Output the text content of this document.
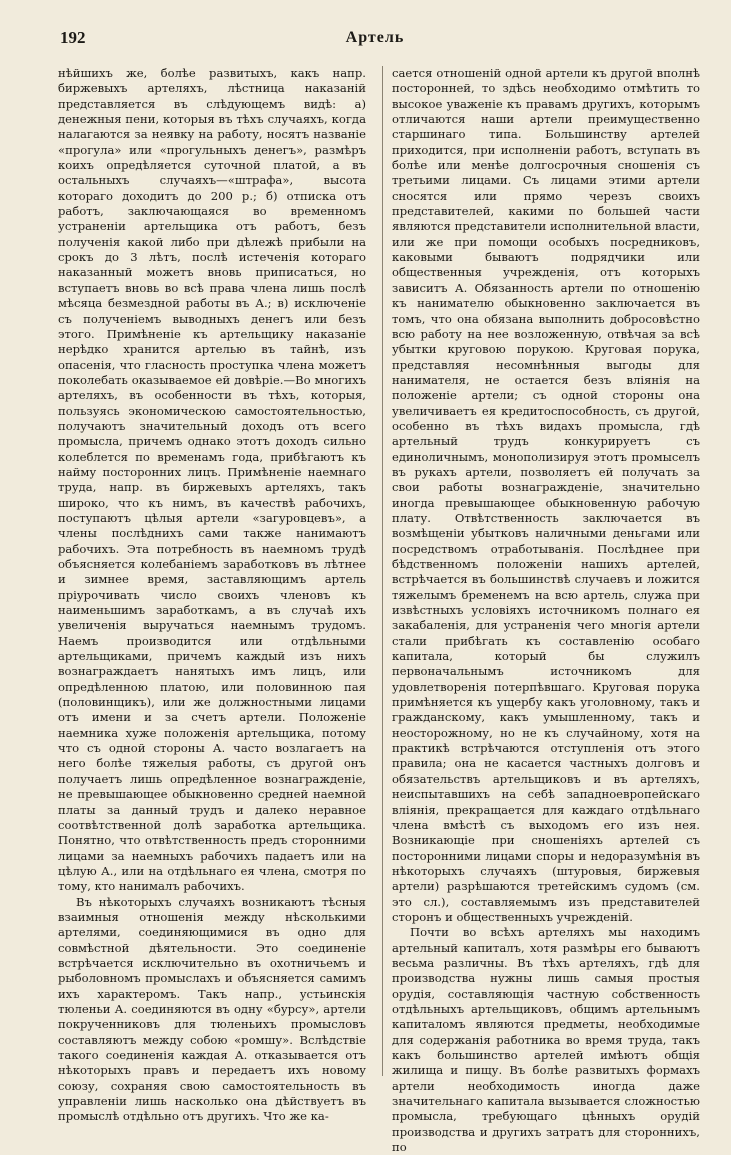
192	Артель

нѣйшихъ же, болѣе развитыхъ, какъ напр. биржевыхъ артеляхъ, лѣстница наказаній представляется въ слѣдующемъ видѣ: а) денежныя пени, которыя въ тѣхъ случаяхъ, когда налагаются за неявку на работу, носятъ названіе «прогула» или «прогульныхъ денегъ», размѣръ коихъ опредѣляется суточной платой, а въ остальныхъ случаяхъ—«штрафа», высота котораго доходитъ до 200 р.; б) отписка отъ работъ, заключающаяся во временномъ устраненіи артельщика отъ работъ, безъ полученія какой либо при дѣлежѣ прибыли на срокъ до 3 лѣтъ, послѣ истеченія котораго наказанный можетъ вновь приписаться, но вступаетъ вновь во всѣ права члена лишь послѣ мѣсяца безмездной работы въ А.; в) исключеніе съ полученіемъ выводныхъ денегъ или безъ этого. Примѣненіе къ артельщику наказаніе нерѣдко хранится артелью въ тайнѣ, изъ опасенія, что гласность проступка члена можетъ поколебать оказываемое ей довѣріе.—Во многихъ артеляхъ, въ особенности въ тѣхъ, которыя, пользуясь экономическою самостоятельностью, получаютъ значительный доходъ отъ всего промысла, причемъ однако этотъ доходъ сильно колеблется по временамъ года, прибѣгаютъ къ найму посторонних лицъ. Примѣненіе наемнаго труда, напр. въ биржевыхъ артеляхъ, такъ широко, что къ нимъ, въ качествѣ рабочихъ, поступаютъ цѣлыя артели «загуровцевъ», а члены послѣднихъ сами также нанимаютъ рабочихъ. Эта потребность въ наемномъ трудѣ объясняется колебаніемъ заработковъ въ лѣтнее и зимнее время, заставляющимъ артель пріурочивать число своихъ членовъ къ наименьшимъ заработкамъ, а въ случаѣ ихъ увеличенія выручаться наемнымъ трудомъ. Наемъ производится или отдѣльными артельщиками, причемъ каждый изъ нихъ вознаграждаетъ нанятыхъ имъ лицъ, или опредѣленною платою, или половинною пая (половинщикъ), или же должностными лицами отъ имени и за счетъ артели. Положеніе наемника хуже положенія артельщика, потому что съ одной стороны А. часто возлагаетъ на него болѣе тяжелыя работы, съ другой онъ получаетъ лишь опредѣленное вознагражденіе, не превышающее обыкновенно средней наемной платы за данный трудъ и далеко неравное соотвѣтственной долѣ заработка артельщика. Понятно, что отвѣтственность предъ сторонними лицами за наемныхъ рабочихъ падаетъ или на цѣлую А., или на отдѣльнаго ея члена, смотря по тому, кто нанималъ рабочихъ.

Въ нѣкоторыхъ случаяхъ возникаютъ тѣсныя взаимныя отношенія между нѣсколькими артелями, соединяющимися въ одно для совмѣстной дѣятельности. Это соединеніе встрѣчается исключительно въ охотничьемъ и рыболовномъ промыслахъ и объясняется самимъ ихъ характеромъ. Такъ напр., устьинскія тюленьи А. соединяются въ одну «бурсу», артели покрученниковъ для тюленьихъ промысловъ составляютъ между собою «ромшу». Вслѣдствіе такого соединенія каждая А. отказывается отъ нѣкоторыхъ правъ и передаетъ ихъ новому союзу, сохраняя свою самостоятельность въ управленіи лишь насколько она дѣйствуетъ въ промыслѣ отдѣльно отъ другихъ. Что же ка-

сается отношеній одной артели къ другой вполнѣ посторонней, то здѣсь необходимо отмѣтить то высокое уваженіе къ правамъ другихъ, которымъ отличаются наши артели преимущественно старшинаго типа. Большинству артелей приходится, при исполненіи работъ, вступать въ болѣе или менѣе долгосрочныя сношенія съ третьими лицами. Съ лицами этими артели сносятся или прямо черезъ своихъ представителей, какими по большей части являются представители исполнительной власти, или же при помощи особыхъ посредниковъ, каковыми бываютъ подрядчики или общественныя учрежденія, отъ которыхъ зависитъ А. Обязанность артели по отношенію къ нанимателю обыкновенно заключается въ томъ, что она обязана выполнить добросовѣстно всю работу на нее возложенную, отвѣчая за всѣ убытки круговою порукою. Круговая порука, представляя несомнѣнныя выгоды для нанимателя, не остается безъ вліянія на положеніе артели; съ одной стороны она увеличиваетъ ея кредитоспособность, съ другой, особенно въ тѣхъ видахъ промысла, гдѣ артельный трудъ конкурируетъ съ единоличнымъ, монополизируя этотъ промыселъ въ рукахъ артели, позволяетъ ей получать за свои работы вознагражденіе, значительно иногда превышающее обыкновенную рабочую плату. Отвѣтственность заключается въ возмѣщеніи убытковъ наличными деньгами или посредствомъ отработыванія. Послѣднее при бѣдственномъ положеніи нашихъ артелей, встрѣчается въ большинствѣ случаевъ и ложится тяжелымъ бременемъ на всю артель, служа при извѣстныхъ условіяхъ источникомъ полнаго ея закабаленія, для устраненія чего многія артели стали прибѣгать къ составленію особаго капитала, который бы служилъ первоначальнымъ источникомъ для удовлетворенія потерпѣвшаго. Круговая порука примѣняется къ ущербу какъ уголовному, такъ и гражданскому, какъ умышленному, такъ и неосторожному, но не къ случайному, хотя на практикѣ встрѣчаются отступленія отъ этого правила; она не касается частныхъ долговъ и обязательствъ артельщиковъ и въ артеляхъ, неиспытавшихъ на себѣ западноевропейскаго вліянія, прекращается для каждаго отдѣльнаго члена вмѣстѣ съ выходомъ его изъ нея. Возникающіе при сношеніяхъ артелей съ посторонними лицами споры и недоразумѣнія въ нѣкоторыхъ случаяхъ (штуровыя, биржевыя артели) разрѣшаются третейскимъ судомъ (см. это сл.), составляемымъ изъ представителей сторонъ и общественныхъ учрежденій.

Почти во всѣхъ артеляхъ мы находимъ артельный капиталъ, хотя размѣры его бываютъ весьма различны. Въ тѣхъ артеляхъ, гдѣ для производства нужны лишь самыя простыя орудія, составляющія частную собственность отдѣльныхъ артельщиковъ, общимъ артельнымъ капиталомъ являются предметы, необходимые для содержанія работника во время труда, такъ какъ большинство артелей имѣютъ общія жилища и пищу. Въ болѣе развитыхъ формахъ артели необходимость иногда даже значительнаго капитала вызывается сложностью промысла, требующаго цѣнныхъ орудій производства и другихъ затратъ для стороннихъ, по
